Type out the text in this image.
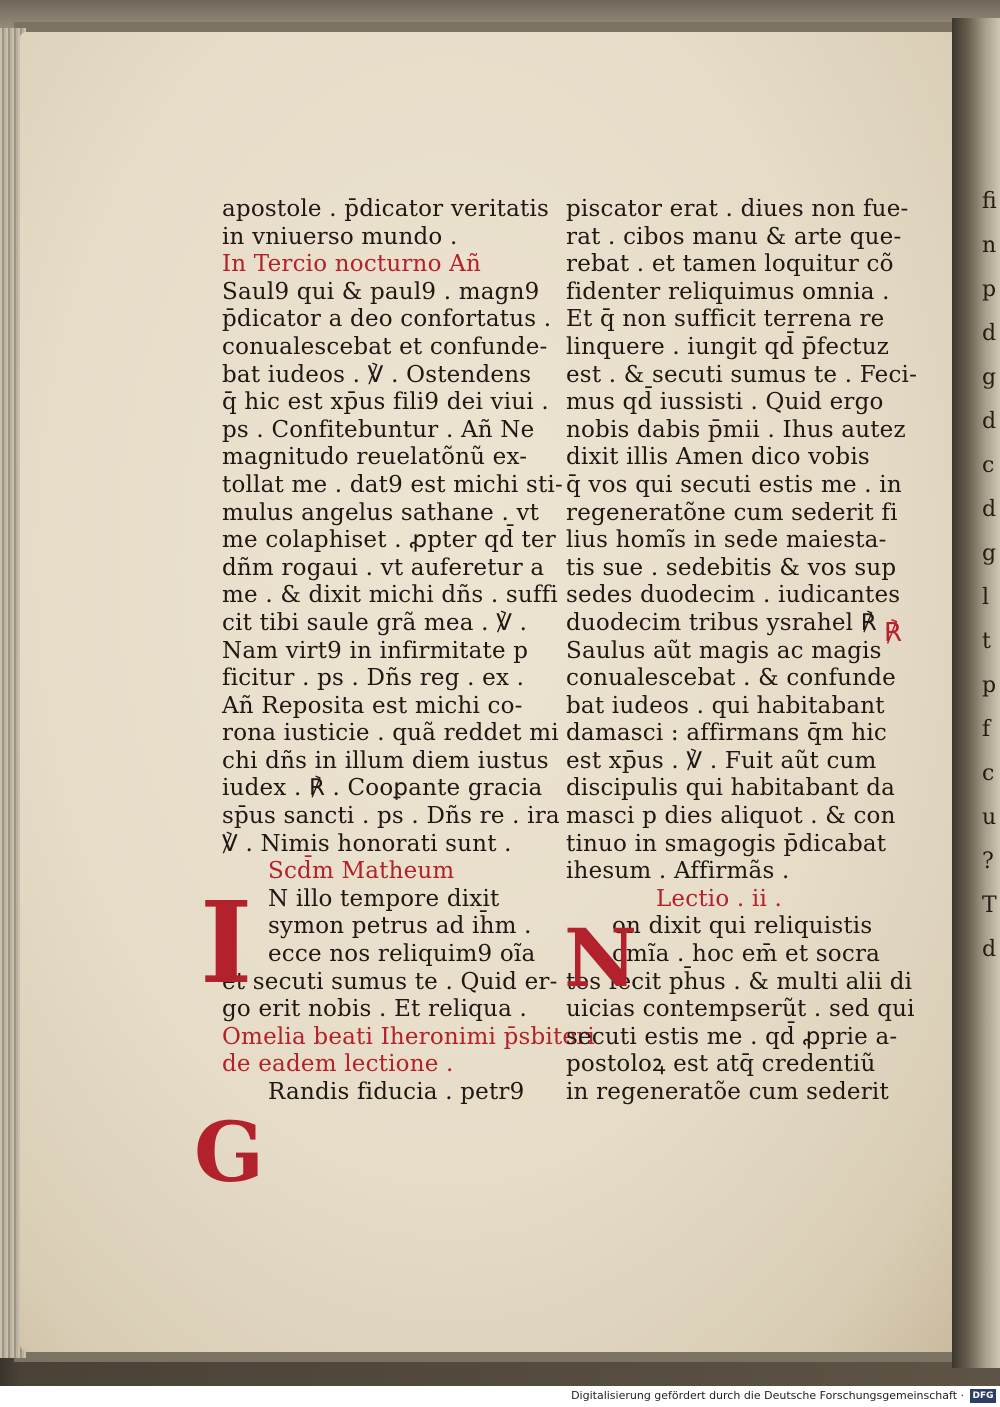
fi
n
p
d
g
d
c
d
g
l
t
p
f
c
u
?
T
d
apostole . p̄dicator veritatis
in vniuerso mundo .
In Tercio nocturno Añ
Saul9 qui & paul9 . magn9
p̄dicator a deo confortatus .
conualescebat et confunde-
bat iudeos . ℣ . Ostendens
q̄ hic est xp̄us fili9 dei viui .
ps . Confitebuntur . Añ Ne
magnitudo reuelatõnũ ex-
tollat me . dat9 est michi sti-
mulus angelus sathane . vt
me colaphiset . ꝓpter qd̄ ter
dñm rogaui . vt auferetur a
me . & dixit michi dñs . suffi
cit tibi saule grã mea . ℣ .
Nam virt9 in infirmitate p
ficitur . ps . Dñs reg . ex .
Añ Reposita est michi co-
rona iusticie . quã reddet mi
chi dñs in illum diem iustus
iudex . ℟ . Cooꝑante gracia
sp̄us sancti . ps . Dñs re . ira
℣ . Nimis honorati sunt .
Scd̄m Matheum
N illo tempore dixit
symon petrus ad ih̄m .
ecce nos reliquim9 oĩa
et secuti sumus te . Quid er-
go erit nobis . Et reliqua .
Omelia beati Iheronimi p̄sbiteri
de eadem lectione .
Randis fiducia . petr9
piscator erat . diues non fue-
rat . cibos manu & arte que-
rebat . et tamen loquitur cõ
fidenter reliquimus omnia .
Et q̄ non sufficit terrena re
linquere . iungit qd̄ p̄fectuz
est . & secuti sumus te . Feci-
mus qd̄ iussisti . Quid ergo
nobis dabis p̄mii . Ihus autez
dixit illis Amen dico vobis
q̄ vos qui secuti estis me . in
regeneratõne cum sederit fi
lius homĩs in sede maiesta-
tis sue . sedebitis & vos sup
sedes duodecim . iudicantes
duodecim tribus ysrahel ℟ .
Saulus aũt magis ac magis
conualescebat . & confunde
bat iudeos . qui habitabant
damasci : affirmans q̄m hic
est xp̄us . ℣ . Fuit aũt cum
discipulis qui habitabant da
masci p dies aliquot . & con
tinuo in smagogis p̄dicabat
ihesum . Affirmãs .
Lectio . ii .
on dixit qui reliquistis
omĩa . hoc em̄ et socra
tes fecit ph̄us . & multi alii di
uicias contempserũt . sed qui
secuti estis me . qd̄ ꝓprie a-
postoloꝝ est atq̄ credentiũ
in regeneratõe cum sederit
I	N
G
℟
Digitalisierung gefördert durch die Deutsche Forschungsgemeinschaft · DFG
